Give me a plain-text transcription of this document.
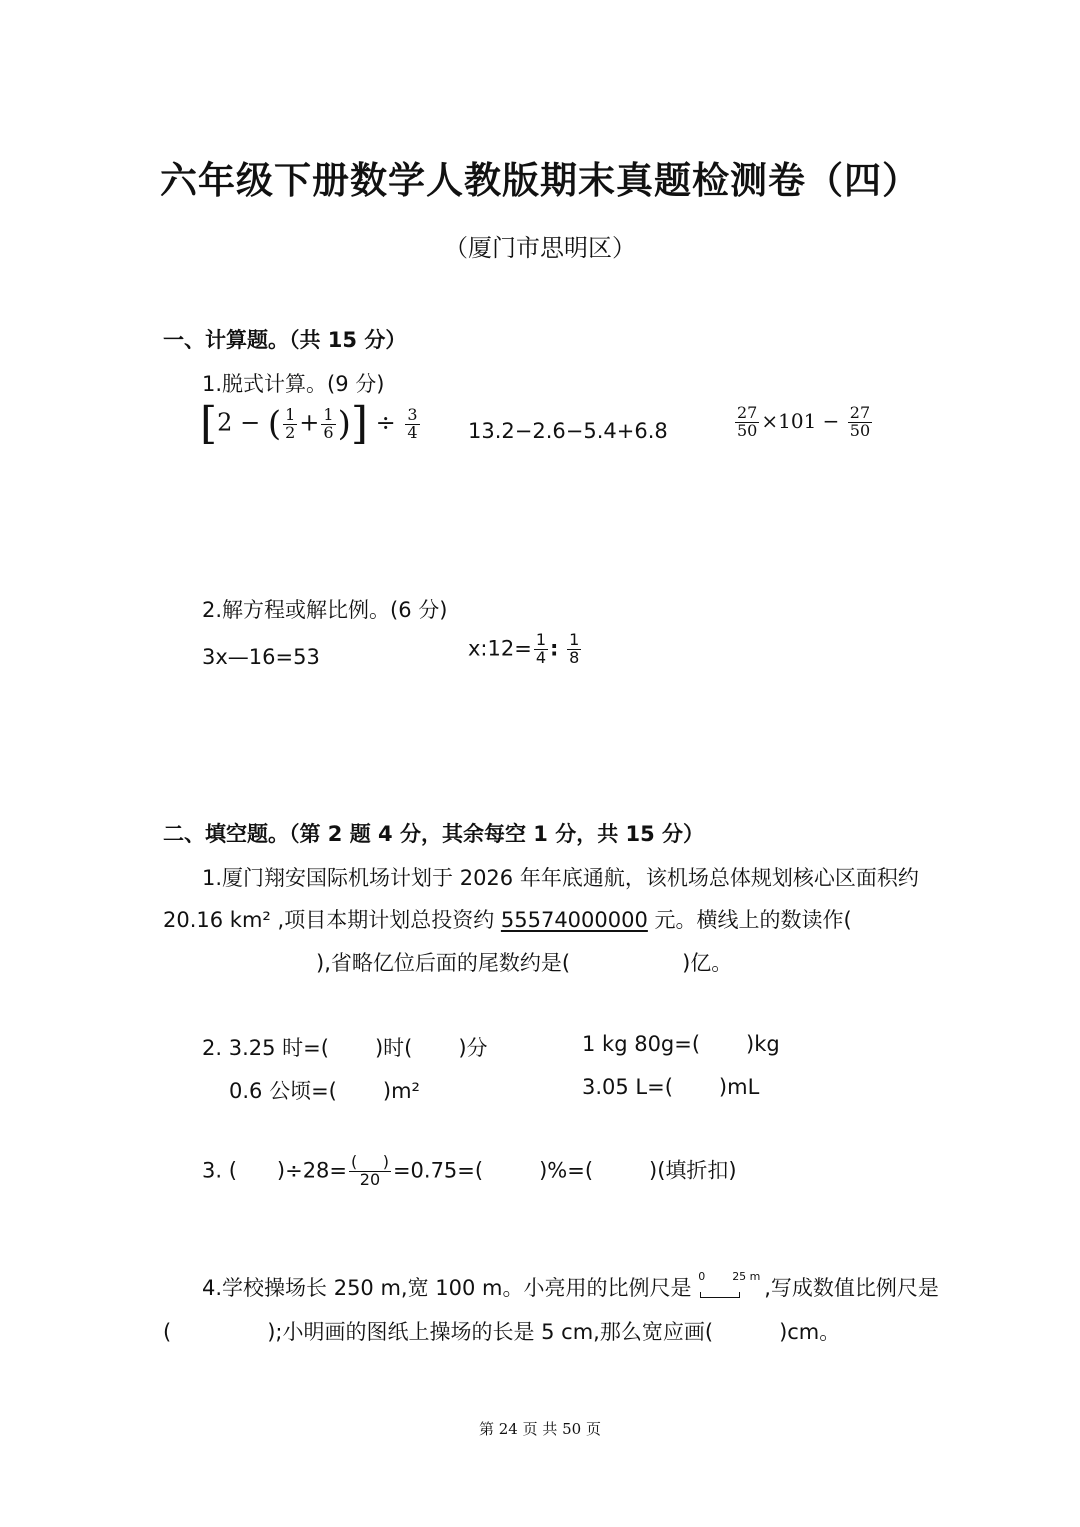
六年级下册数学人教版期末真题检测卷（四）
（厦门市思明区）
一、计算题。（共 15 分）
1.脱式计算。(9 分)
[2 − ( $\frac{1}{2} + \frac{1}{6}$ )] ÷ $\frac{3}{4} 13.2-2.6-5.4+6.8$	$\frac{27}{50} \times 101 - \frac{27}{50}$
2.解方程或解比例。(6 分)
3x—16=53	x:12= $\frac{1}{4}$ : $\frac{1}{8}$
二、填空题。（第 2 题 4 分，其余每空 1 分，共 15 分）
1.厦门翔安国际机场计划于 2026 年年底通航，该机场总体规划核心区面积约
20.16 km² ,项目本期计划总投资约 55574000000 元。横线上的数读作(
),省略亿位后面的尾数约是(	)亿。
2. 3.25 时=( )时( )分	1 kg 80g=( )kg
0.6 公顷=( )m²	3.05 L=( )mL
3. ( )$\div 28= \frac{( )}{20} =0.75=$(	)%=(	)(填折扣)
4.学校操场长 250 m,宽 100 m。小亮用的比例尺是 0 25 m ,写成数值比例尺是
(	);小明画的图纸上操场的长是 5 cm,那么宽应画(	)cm。
第 24 页 共 50 页
